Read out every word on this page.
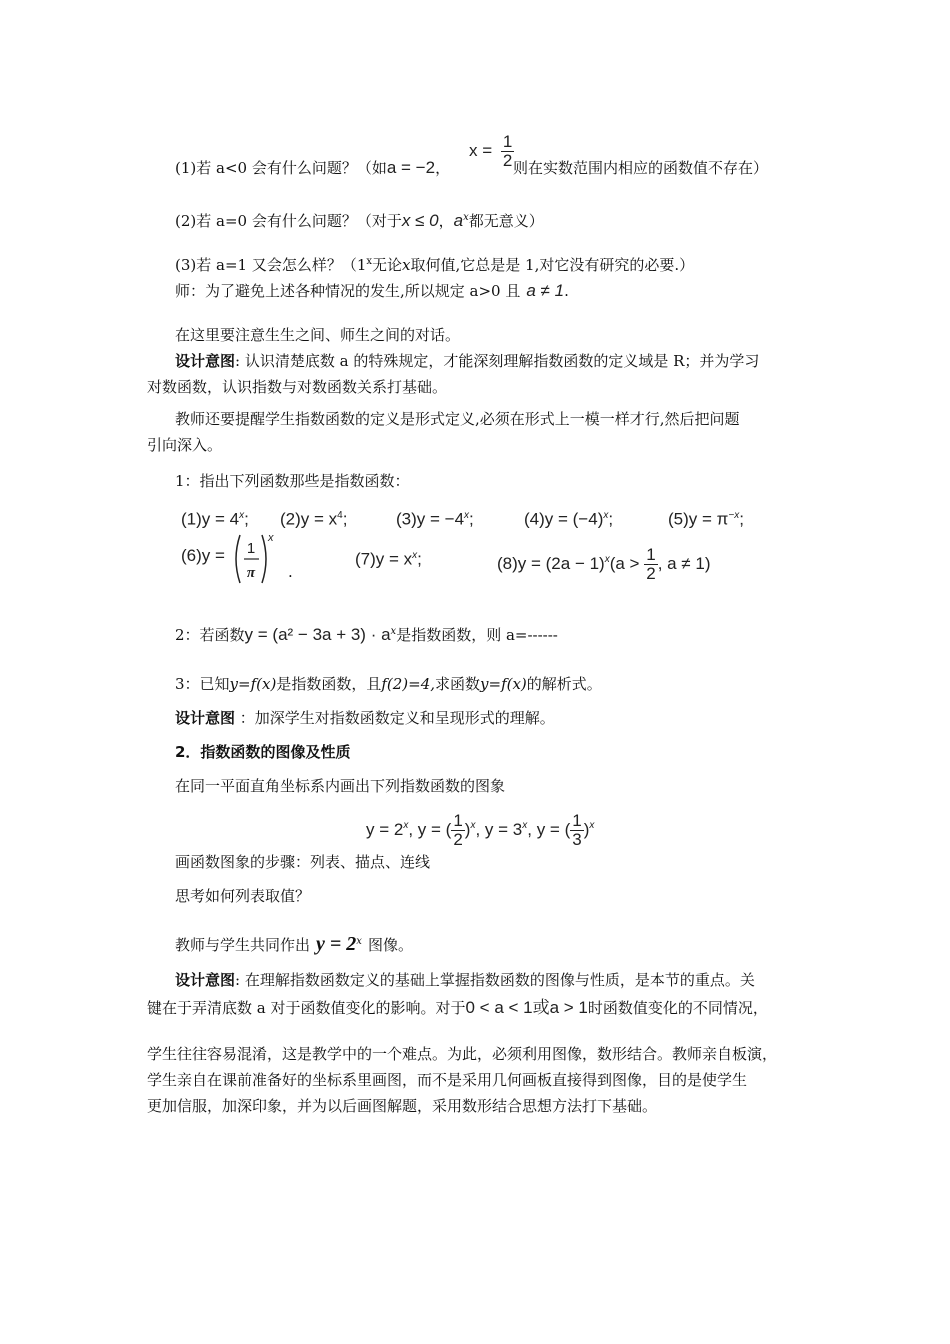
(1)若 a<0 会有什么问题？（如a = −2，
$x = \frac{1}{2}$
则在实数范围内相应的函数值不存在）
(2)若 a=0 会有什么问题？（对于x ≤ 0，$a^x$都无意义）
(3)若 a=1 又会怎么样？（1$^x$无论x取何值,它总是是 1,对它没有研究的必要.）
师：为了避免上述各种情况的发生,所以规定 a>0 且 a ≠ 1.
在这里要注意生生之间、师生之间的对话。
设计意图: 认识清楚底数 a 的特殊规定，才能深刻理解指数函数的定义域是 R；并为学习
对数函数，认识指数与对数函数关系打基础。
教师还要提醒学生指数函数的定义是形式定义,必须在形式上一模一样才行,然后把问题
引向深入。
1：指出下列函数那些是指数函数：
$(1)y = 4^x$; $(2)y = x^4$;	$(3)y = -4^x$;	$(4)y = (-4)^x$;	$(5)y = \pi^{-x}$;
(6)y = 1
π
x
.
$(7)y = x^x$;	$(8)y = (2a - 1)^x(a > \frac{1}{2}$ , a ≠ 1)
2：若函数$y = (a^2 - 3a + 3) \cdot a^x$是指数函数，则 a=------
3：已知y=f(x)是指数函数，且f(2)=4,求函数y=f(x)的解析式。
设计意图 ：加深学生对指数函数定义和呈现形式的理解。
2．指数函数的图像及性质
在同一平面直角坐标系内画出下列指数函数的图象
$y = 2^x$, y = ( $\frac{1}{2} )^x$, $y = 3^x$, y = ( $\frac{1}{3} )^x$
画函数图象的步骤：列表、描点、连线
思考如何列表取值？
教师与学生共同作出 $y = 2^x$ 图像。
设计意图: 在理解指数函数定义的基础上掌握指数函数的图像与性质，是本节的重点。关
键在于弄清底数 a 对于函数值变化的影响。对于0 < a < 1或a > 1时函数值变化的不同情况，
学生往往容易混淆，这是教学中的一个难点。为此，必须利用图像，数形结合。教师亲自板演，
学生亲自在课前准备好的坐标系里画图，而不是采用几何画板直接得到图像，目的是使学生
更加信服，加深印象，并为以后画图解题，采用数形结合思想方法打下基础。
